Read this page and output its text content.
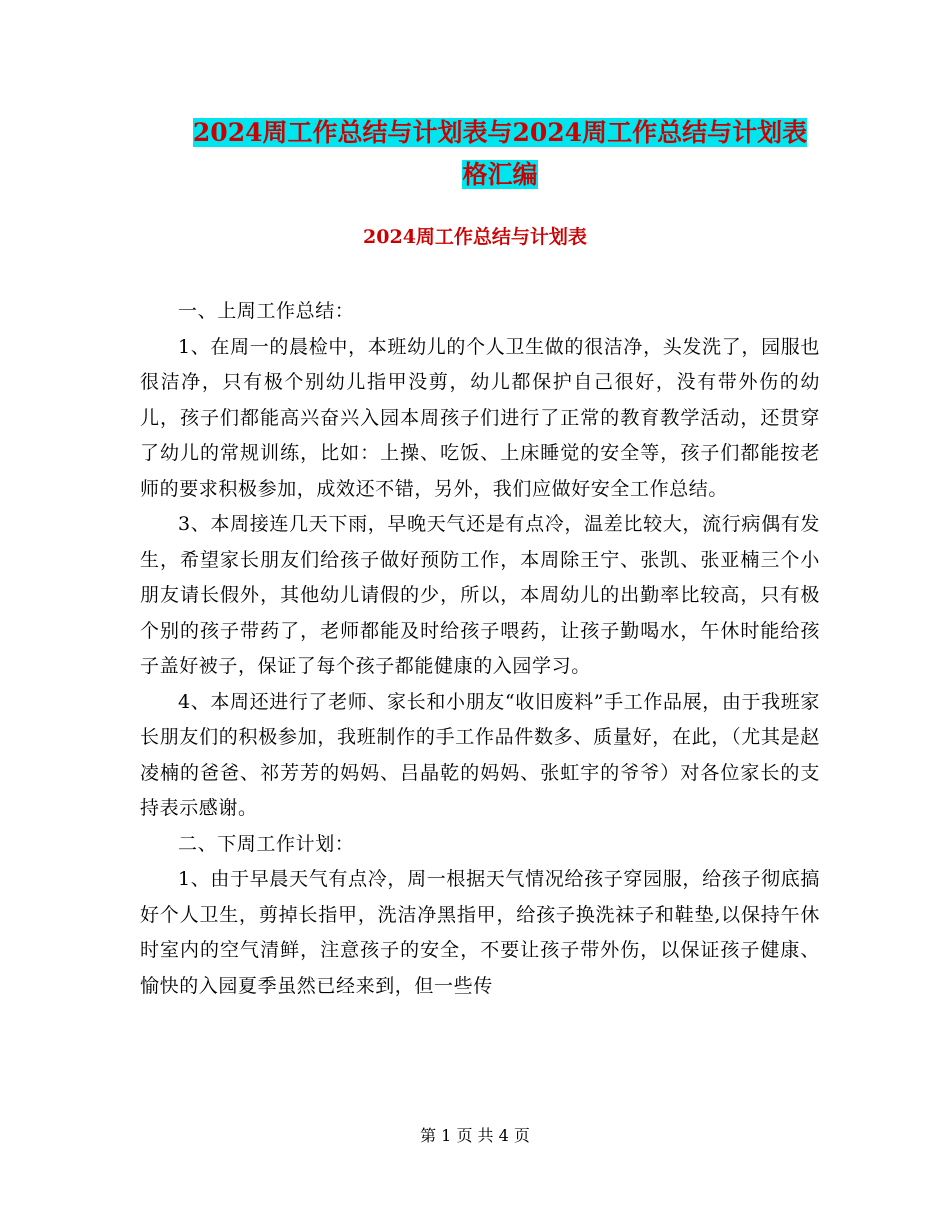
2024周工作总结与计划表与2024周工作总结与计划表
格汇编
2024周工作总结与计划表

一、上周工作总结：

1、在周一的晨检中，本班幼儿的个人卫生做的很洁净，头发洗了，园服也很洁净，只有极个别幼儿指甲没剪，幼儿都保护自己很好，没有带外伤的幼儿，孩子们都能高兴奋兴入园本周孩子们进行了正常的教育教学活动，还贯穿了幼儿的常规训练，比如：上操、吃饭、上床睡觉的安全等，孩子们都能按老师的要求积极参加，成效还不错，另外，我们应做好安全工作总结。

3、本周接连几天下雨，早晚天气还是有点冷，温差比较大，流行病偶有发生，希望家长朋友们给孩子做好预防工作，本周除王宁、张凯、张亚楠三个小朋友请长假外，其他幼儿请假的少，所以，本周幼儿的出勤率比较高，只有极个别的孩子带药了，老师都能及时给孩子喂药，让孩子勤喝水，午休时能给孩子盖好被子，保证了每个孩子都能健康的入园学习。

4、本周还进行了老师、家长和小朋友“收旧废料”手工作品展，由于我班家长朋友们的积极参加，我班制作的手工作品件数多、质量好，在此，（尤其是赵凌楠的爸爸、祁芳芳的妈妈、吕晶乾的妈妈、张虹宇的爷爷）对各位家长的支持表示感谢。

二、下周工作计划：

1、由于早晨天气有点冷，周一根据天气情况给孩子穿园服，给孩子彻底搞好个人卫生，剪掉长指甲，洗洁净黑指甲，给孩子换洗袜子和鞋垫,以保持午休时室内的空气清鲜，注意孩子的安全，不要让孩子带外伤，以保证孩子健康、愉快的入园夏季虽然已经来到，但一些传

第 1 页 共 4 页
